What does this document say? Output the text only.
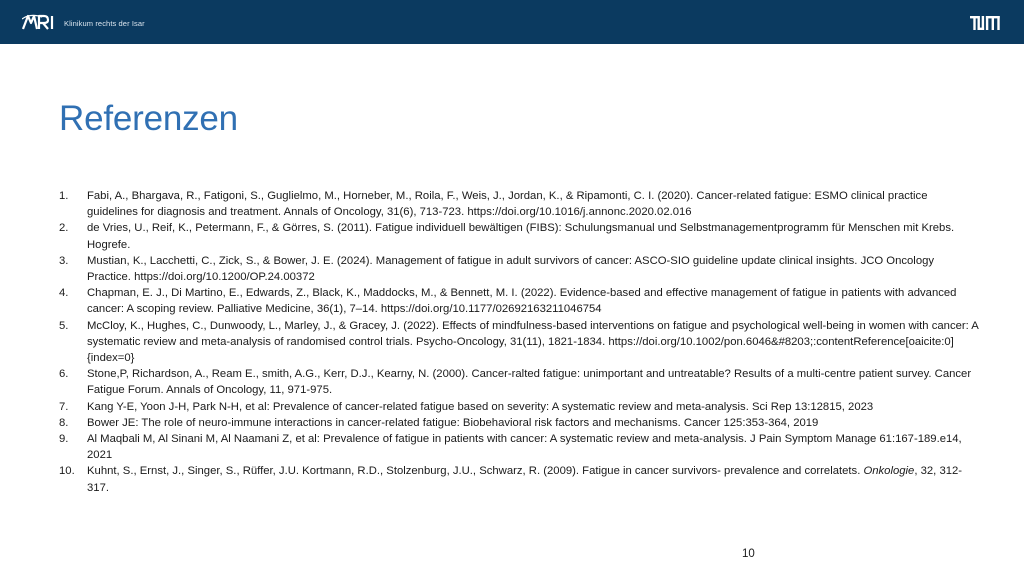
Klinikum rechts der Isar
Referenzen
1. Fabi, A., Bhargava, R., Fatigoni, S., Guglielmo, M., Horneber, M., Roila, F., Weis, J., Jordan, K., & Ripamonti, C. I. (2020). Cancer-related fatigue: ESMO clinical practice guidelines for diagnosis and treatment. Annals of Oncology, 31(6), 713-723. https://doi.org/10.1016/j.annonc.2020.02.016
2. de Vries, U., Reif, K., Petermann, F., & Görres, S. (2011). Fatigue individuell bewältigen (FIBS): Schulungsmanual und Selbstmanagementprogramm für Menschen mit Krebs. Hogrefe.
3. Mustian, K., Lacchetti, C., Zick, S., & Bower, J. E. (2024). Management of fatigue in adult survivors of cancer: ASCO-SIO guideline update clinical insights. JCO Oncology Practice. https://doi.org/10.1200/OP.24.00372
4. Chapman, E. J., Di Martino, E., Edwards, Z., Black, K., Maddocks, M., & Bennett, M. I. (2022). Evidence-based and effective management of fatigue in patients with advanced cancer: A scoping review. Palliative Medicine, 36(1), 7–14. https://doi.org/10.1177/02692163211046754
5. McCloy, K., Hughes, C., Dunwoody, L., Marley, J., & Gracey, J. (2022). Effects of mindfulness-based interventions on fatigue and psychological well-being in women with cancer: A systematic review and meta-analysis of randomised control trials. Psycho-Oncology, 31(11), 1821-1834. https://doi.org/10.1002/pon.6046&#8203;:contentReference[oaicite:0]{index=0}
6. Stone,P, Richardson, A., Ream E., smith, A.G., Kerr, D.J., Kearny, N. (2000). Cancer-ralted fatigue: unimportant and untreatable? Results of a multi-centre patient survey. Cancer Fatigue Forum. Annals of Oncology, 11, 971-975.
7. Kang Y-E, Yoon J-H, Park N-H, et al: Prevalence of cancer-related fatigue based on severity: A systematic review and meta-analysis. Sci Rep 13:12815, 2023
8. Bower JE: The role of neuro-immune interactions in cancer-related fatigue: Biobehavioral risk factors and mechanisms. Cancer 125:353-364, 2019
9. Al Maqbali M, Al Sinani M, Al Naamani Z, et al: Prevalence of fatigue in patients with cancer: A systematic review and meta-analysis. J Pain Symptom Manage 61:167-189.e14, 2021
10. Kuhnt, S., Ernst, J., Singer, S., Rüffer, J.U. Kortmann, R.D., Stolzenburg, J.U., Schwarz, R. (2009). Fatigue in cancer survivors- prevalence and correlatets. Onkologie, 32, 312-317.
10
